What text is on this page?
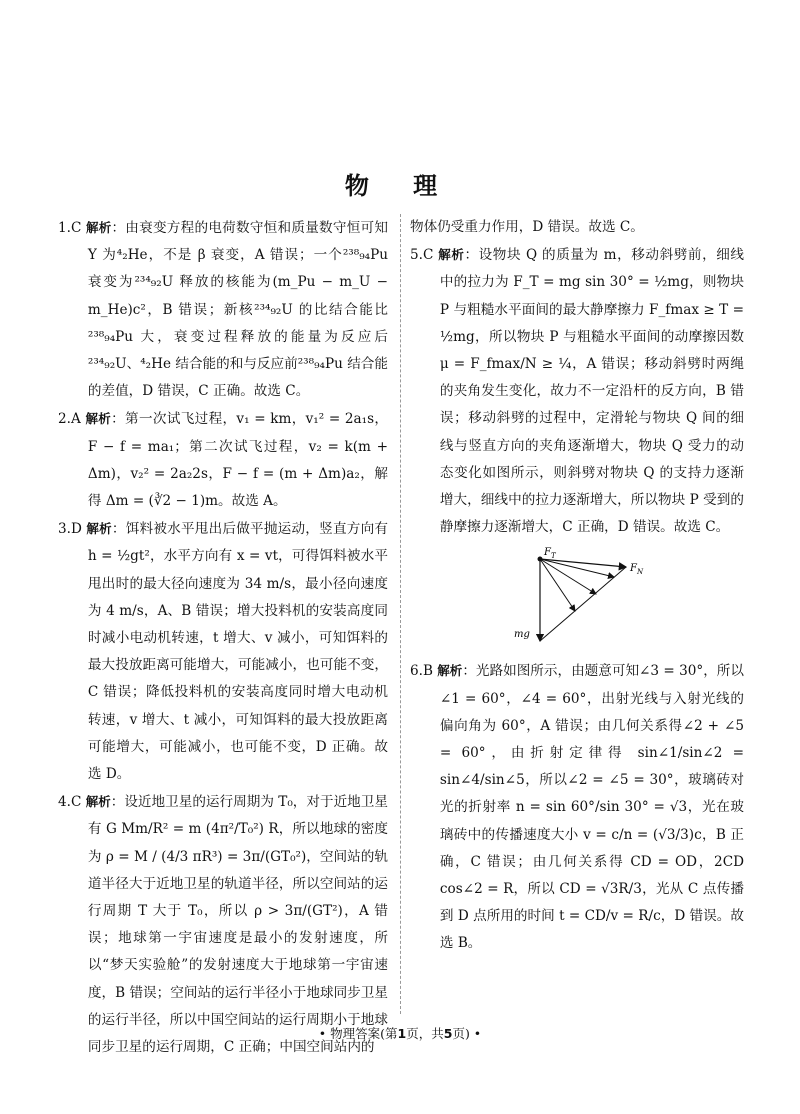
物 理

1.C 解析：由衰变方程的电荷数守恒和质量数守恒可知 Y 为⁴₂He，不是 β 衰变，A 错误；一个²³⁸₉₄Pu 衰变为²³⁴₉₂U 释放的核能为(m_Pu − m_U − m_He)c²，B 错误；新核²³⁴₉₂U 的比结合能比²³⁸₉₄Pu 大，衰变过程释放的能量为反应后²³⁴₉₂U、⁴₂He 结合能的和与反应前²³⁸₉₄Pu 结合能的差值，D 错误，C 正确。故选 C。

2.A 解析：第一次试飞过程，v₁ = km，v₁² = 2a₁s，F − f = ma₁；第二次试飞过程，v₂ = k(m + Δm)，v₂² = 2a₂2s，F − f = (m + Δm)a₂，解得 Δm = (∛2 − 1)m。故选 A。

3.D 解析：饵料被水平甩出后做平抛运动，竖直方向有 h = ½gt²，水平方向有 x = vt，可得饵料被水平甩出时的最大径向速度为 34 m/s，最小径向速度为 4 m/s，A、B 错误；增大投料机的安装高度同时减小电动机转速，t 增大、v 减小，可知饵料的最大投放距离可能增大，可能减小，也可能不变，C 错误；降低投料机的安装高度同时增大电动机转速，v 增大、t 减小，可知饵料的最大投放距离可能增大，可能减小，也可能不变，D 正确。故选 D。

4.C 解析：设近地卫星的运行周期为 T₀，对于近地卫星有 G Mm/R² = m (4π²/T₀²) R，所以地球的密度为 ρ = M / (4/3 πR³) = 3π/(GT₀²)，空间站的轨道半径大于近地卫星的轨道半径，所以空间站的运行周期 T 大于 T₀，所以 ρ > 3π/(GT²)，A 错误；地球第一宇宙速度是最小的发射速度，所以“梦天实验舱”的发射速度大于地球第一宇宙速度，B 错误；空间站的运行半径小于地球同步卫星的运行半径，所以中国空间站的运行周期小于地球同步卫星的运行周期，C 正确；中国空间站内的

物体仍受重力作用，D 错误。故选 C。

5.C 解析：设物块 Q 的质量为 m，移动斜劈前，细线中的拉力为 F_T = mg sin 30° = ½mg，则物块 P 与粗糙水平面间的最大静摩擦力 F_fmax ≥ T = ½mg，所以物块 P 与粗糙水平面间的动摩擦因数 μ = F_fmax/N ≥ ¼，A 错误；移动斜劈时两绳的夹角发生变化，故力不一定沿杆的反方向，B 错误；移动斜劈的过程中，定滑轮与物块 Q 间的细线与竖直方向的夹角逐渐增大，物块 Q 受力的动态变化如图所示，则斜劈对物块 Q 的支持力逐渐增大，细线中的拉力逐渐增大，所以物块 P 受到的静摩擦力逐渐增大，C 正确，D 错误。故选 C。

$F_T$
$F_N$
mg

6.B 解析：光路如图所示，由题意可知∠3 = 30°，所以∠1 = 60°，∠4 = 60°，出射光线与入射光线的偏向角为 60°，A 错误；由几何关系得∠2 + ∠5 = 60°，由折射定律得 sin∠1/sin∠2 = sin∠4/sin∠5，所以∠2 = ∠5 = 30°，玻璃砖对光的折射率 n = sin 60°/sin 30° = √3，光在玻璃砖中的传播速度大小 v = c/n = (√3/3)c，B 正确，C 错误；由几何关系得 CD = OD，2CD cos∠2 = R，所以 CD = √3R/3，光从 C 点传播到 D 点所用的时间 t = CD/v = R/c，D 错误。故选 B。

• 物理答案(第1页，共5页) •
